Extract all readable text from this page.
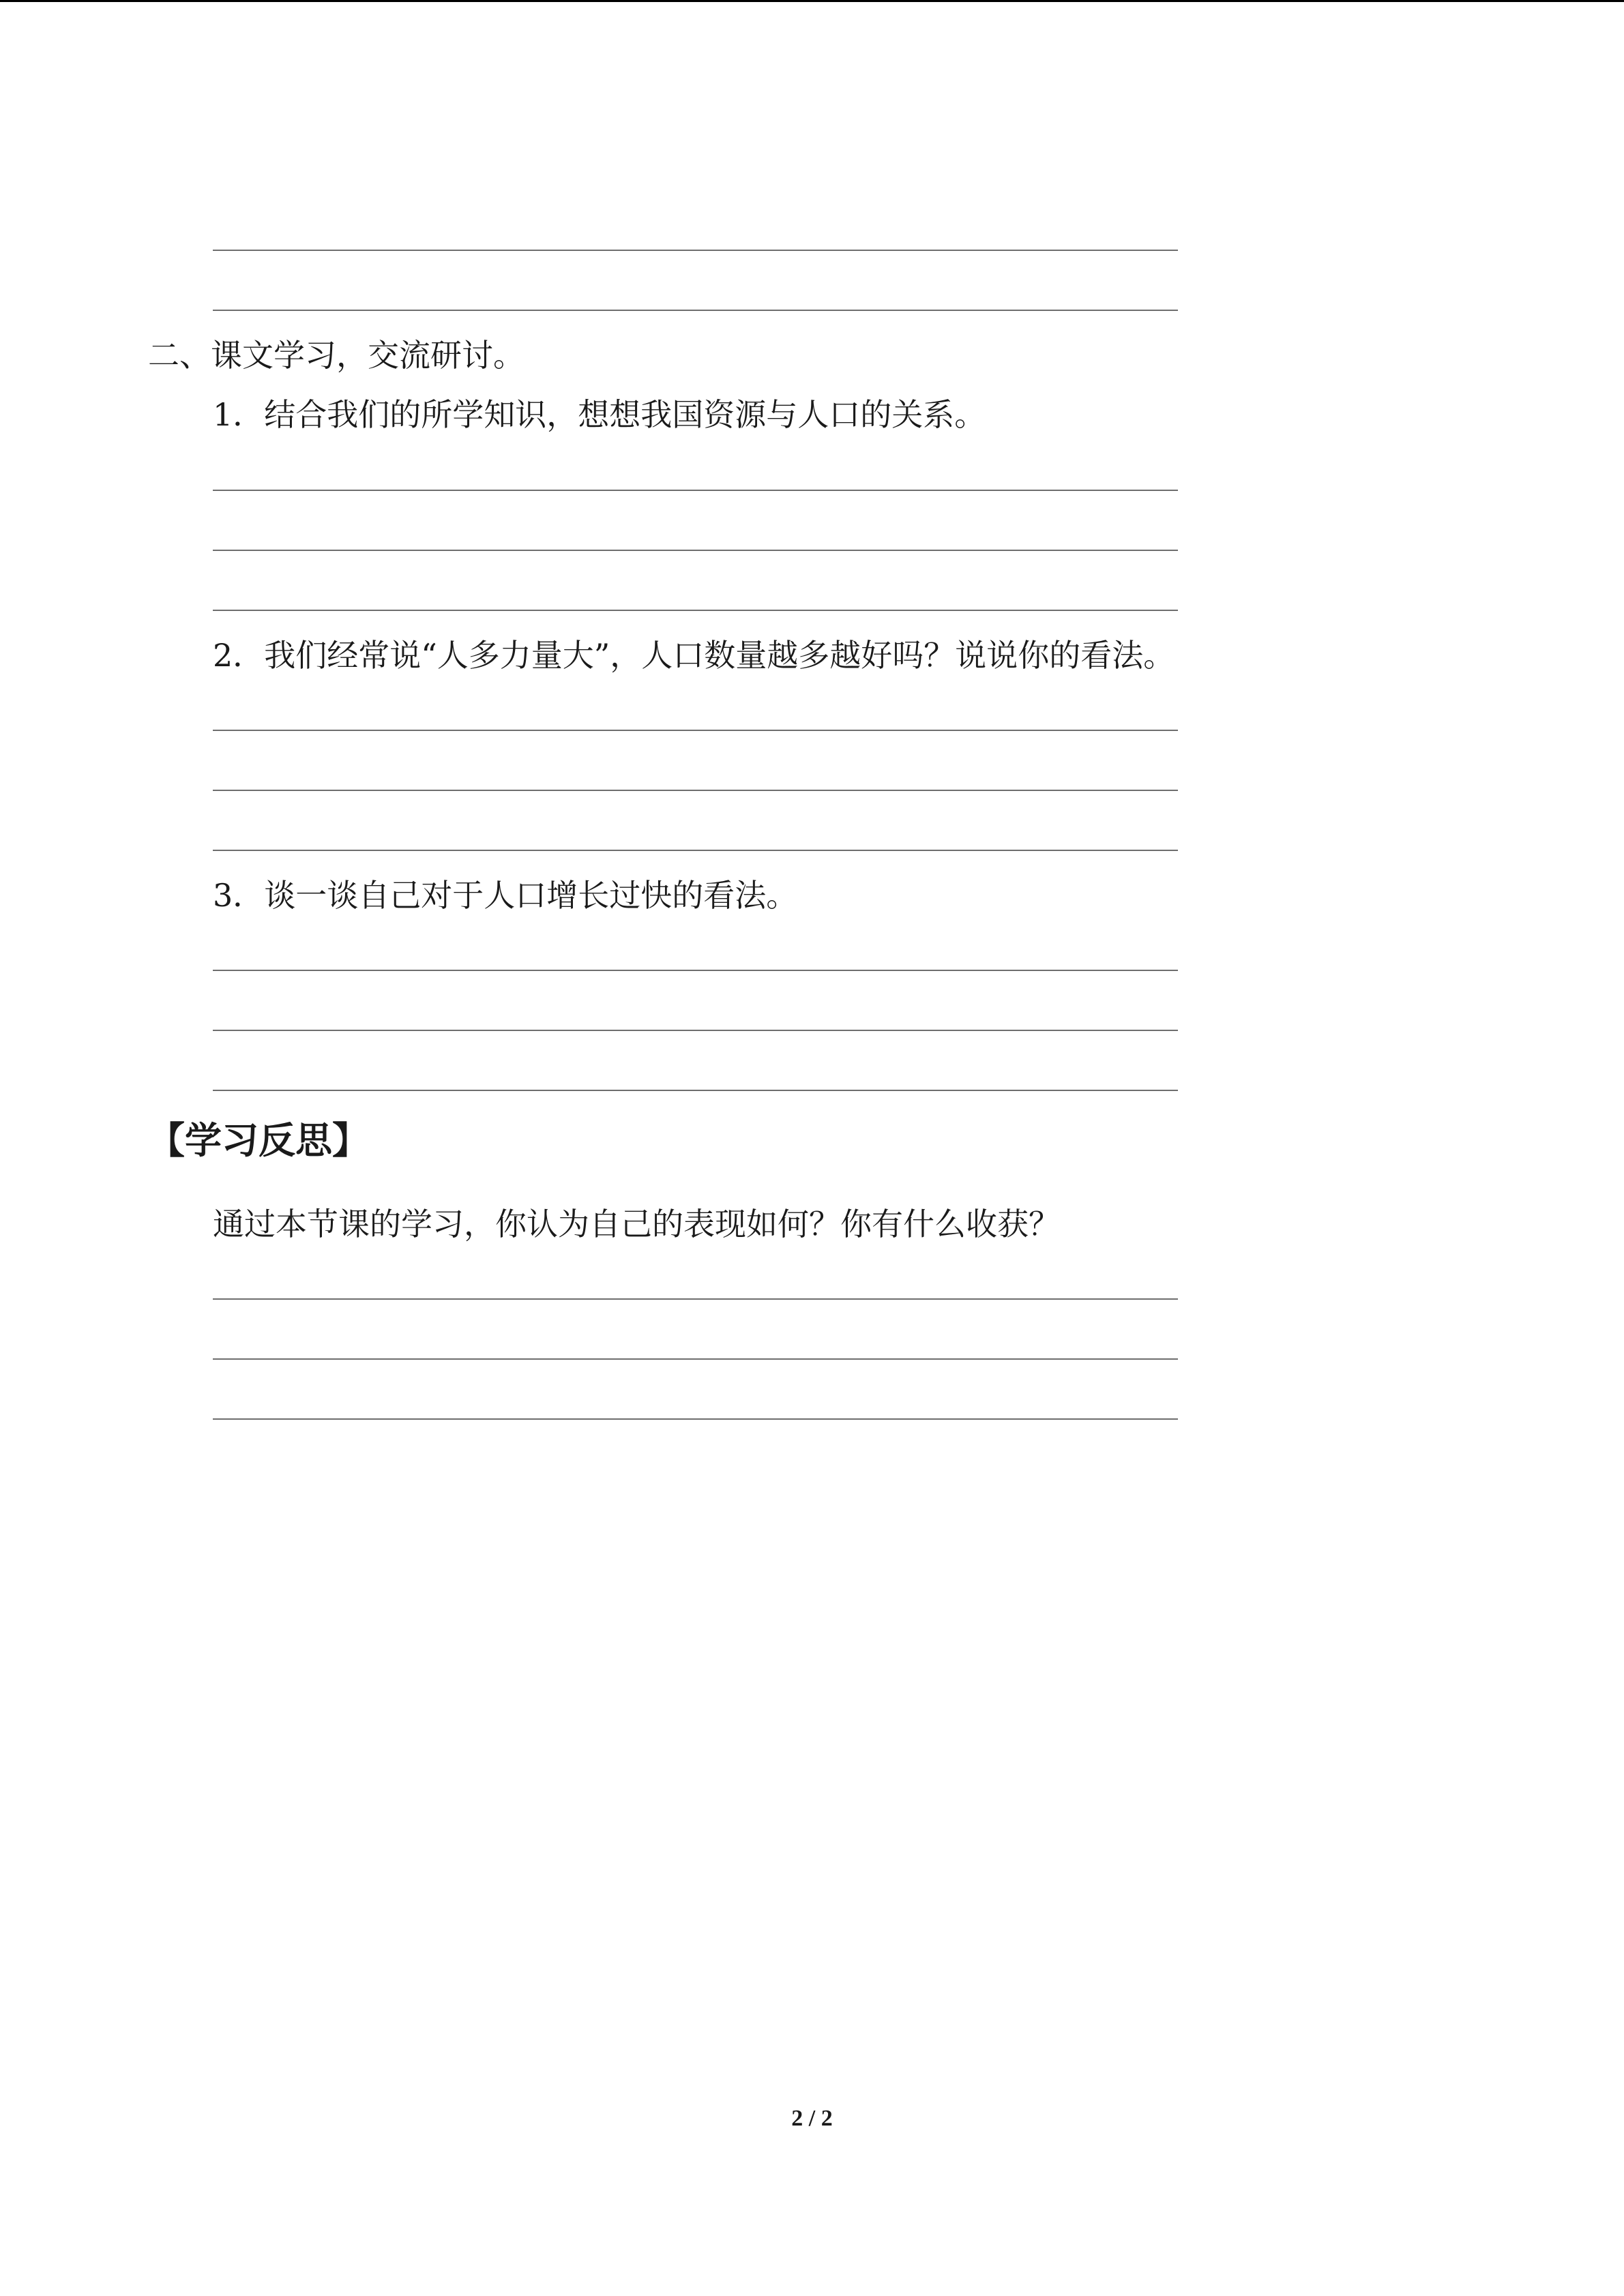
二、课文学习，交流研讨。
1．结合我们的所学知识，想想我国资源与人口的关系。
2．我们经常说“人多力量大”，人口数量越多越好吗？说说你的看法。
3．谈一谈自己对于人口增长过快的看法。
【学习反思】
通过本节课的学习，你认为自己的表现如何？你有什么收获？
2 / 2
